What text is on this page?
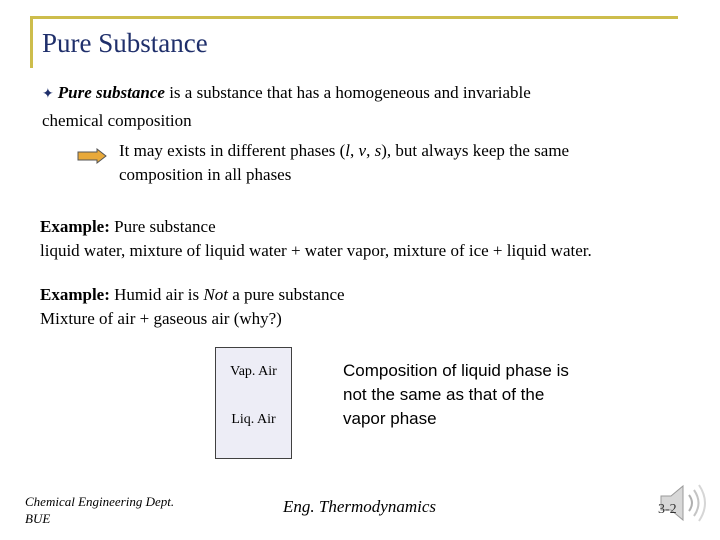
Pure Substance
✦ Pure substance is a substance that has a homogeneous and invariable
chemical composition
It may exists in different phases (l, v, s), but always keep the same
composition in all phases
Example: Pure substance
liquid water, mixture of liquid water + water vapor, mixture of ice + liquid water.
Example: Humid air is Not a pure substance
Mixture of air + gaseous air (why?)
Vap. Air
Liq. Air
Composition of liquid phase is
not the same as that of the
vapor phase
Chemical Engineering Dept.
BUE
Eng. Thermodynamics	3-2
